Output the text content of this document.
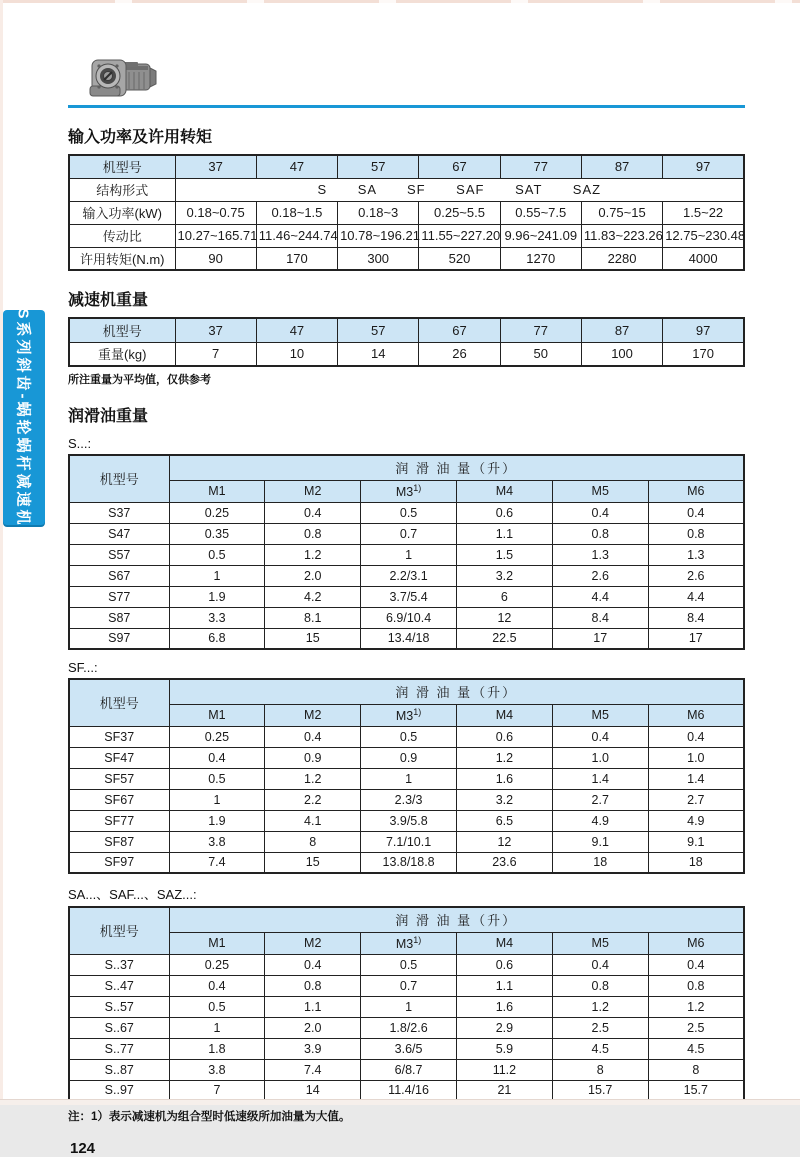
S系列斜齿-蜗轮蜗杆减速机
输入功率及许用转矩
机型号	37	47	57	67	77	87	97
结构形式	S SA SF SAF SAT SAZ						
输入功率(kW)	0.18~0.75	0.18~1.5	0.18~3	0.25~5.5	0.55~7.5	0.75~15	1.5~22
传动比	10.27~165.71	11.46~244.74	10.78~196.21	11.55~227.20	9.96~241.09	11.83~223.26	12.75~230.48
许用转矩(N.m)	90	170	300	520	1270	2280	4000
减速机重量
机型号	37	47	57	67	77	87	97
重量(kg)	7	10	14	26	50	100	170
所注重量为平均值，仅供参考
润滑油重量
S...:
机型号	润 滑 油 量（升）					
	M1	M2	M3$^{1)}$	M4	M5	M6
S37	0.25	0.4	0.5	0.6	0.4	0.4
S47	0.35	0.8	0.7	1.1	0.8	0.8
S57	0.5	1.2	1	1.5	1.3	1.3
S67	1	2.0	2.2/3.1	3.2	2.6	2.6
S77	1.9	4.2	3.7/5.4	6	4.4	4.4
S87	3.3	8.1	6.9/10.4	12	8.4	8.4
S97	6.8	15	13.4/18	22.5	17	17
SF...:
机型号	润 滑 油 量（升）					
	M1	M2	M3$^{1)}$	M4	M5	M6
SF37	0.25	0.4	0.5	0.6	0.4	0.4
SF47	0.4	0.9	0.9	1.2	1.0	1.0
SF57	0.5	1.2	1	1.6	1.4	1.4
SF67	1	2.2	2.3/3	3.2	2.7	2.7
SF77	1.9	4.1	3.9/5.8	6.5	4.9	4.9
SF87	3.8	8	7.1/10.1	12	9.1	9.1
SF97	7.4	15	13.8/18.8	23.6	18	18
SA...、SAF...、SAZ...:
机型号	润 滑 油 量（升）					
	M1	M2	M3$^{1)}$	M4	M5	M6
S..37	0.25	0.4	0.5	0.6	0.4	0.4
S..47	0.4	0.8	0.7	1.1	0.8	0.8
S..57	0.5	1.1	1	1.6	1.2	1.2
S..67	1	2.0	1.8/2.6	2.9	2.5	2.5
S..77	1.8	3.9	3.6/5	5.9	4.5	4.5
S..87	3.8	7.4	6/8.7	11.2	8	8
S..97	7	14	11.4/16	21	15.7	15.7
注：1）表示减速机为组合型时低速级所加油量为大值。
124
